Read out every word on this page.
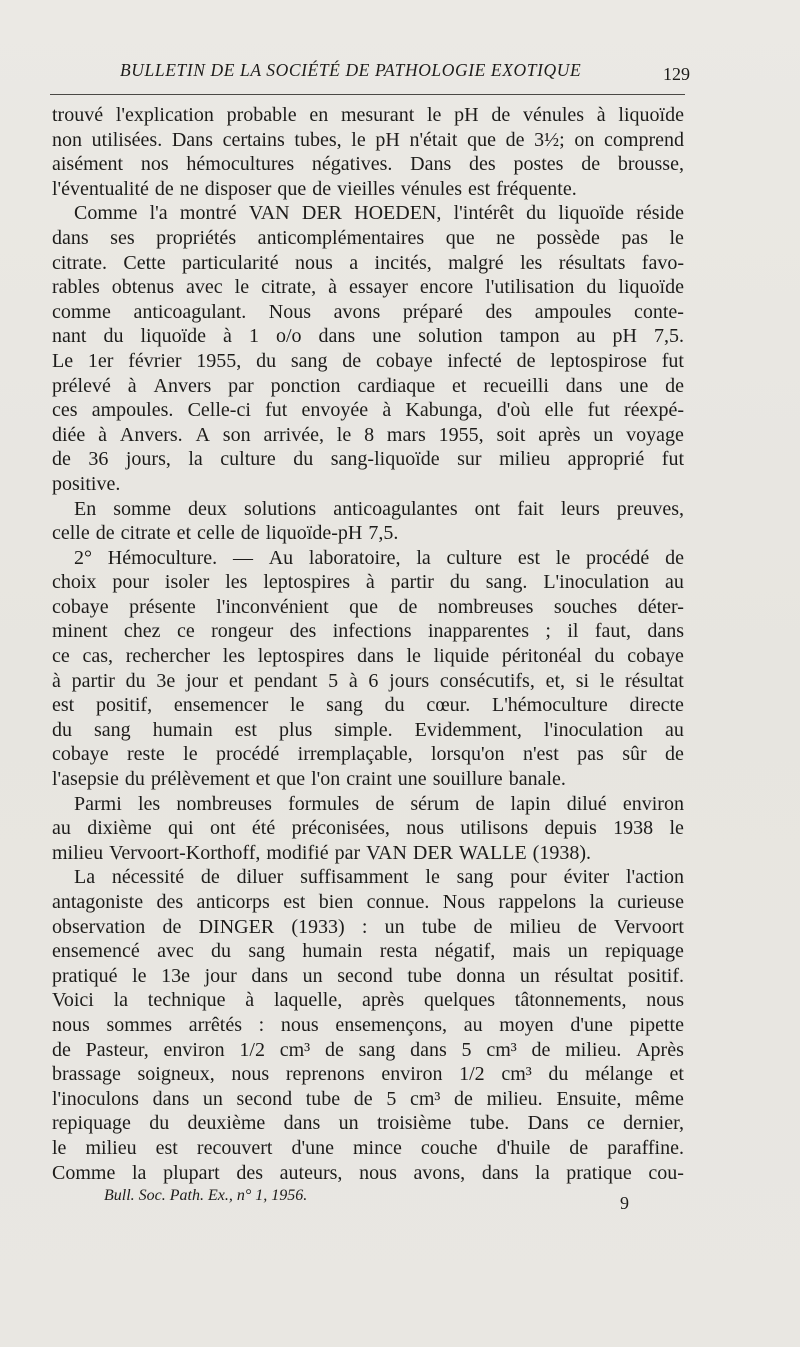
BULLETIN DE LA SOCIÉTÉ DE PATHOLOGIE EXOTIQUE	129
trouvé l'explication probable en mesurant le pH de vénules à liquoïde
non utilisées. Dans certains tubes, le pH n'était que de 3½; on comprend
aisément nos hémocultures négatives. Dans des postes de brousse,
l'éventualité de ne disposer que de vieilles vénules est fréquente.
Comme l'a montré VAN DER HOEDEN, l'intérêt du liquoïde réside
dans ses propriétés anticomplémentaires que ne possède pas le
citrate. Cette particularité nous a incités, malgré les résultats favo-
rables obtenus avec le citrate, à essayer encore l'utilisation du liquoïde
comme anticoagulant. Nous avons préparé des ampoules conte-
nant du liquoïde à 1 o/o dans une solution tampon au pH 7,5.
Le 1er février 1955, du sang de cobaye infecté de leptospirose fut
prélevé à Anvers par ponction cardiaque et recueilli dans une de
ces ampoules. Celle-ci fut envoyée à Kabunga, d'où elle fut réexpé-
diée à Anvers. A son arrivée, le 8 mars 1955, soit après un voyage
de 36 jours, la culture du sang-liquoïde sur milieu approprié fut
positive.
En somme deux solutions anticoagulantes ont fait leurs preuves,
celle de citrate et celle de liquoïde-pH 7,5.
2° Hémoculture. — Au laboratoire, la culture est le procédé de
choix pour isoler les leptospires à partir du sang. L'inoculation au
cobaye présente l'inconvénient que de nombreuses souches déter-
minent chez ce rongeur des infections inapparentes ; il faut, dans
ce cas, rechercher les leptospires dans le liquide péritonéal du cobaye
à partir du 3e jour et pendant 5 à 6 jours consécutifs, et, si le résultat
est positif, ensemencer le sang du cœur. L'hémoculture directe
du sang humain est plus simple. Evidemment, l'inoculation au
cobaye reste le procédé irremplaçable, lorsqu'on n'est pas sûr de
l'asepsie du prélèvement et que l'on craint une souillure banale.
Parmi les nombreuses formules de sérum de lapin dilué environ
au dixième qui ont été préconisées, nous utilisons depuis 1938 le
milieu Vervoort-Korthoff, modifié par VAN DER WALLE (1938).
La nécessité de diluer suffisamment le sang pour éviter l'action
antagoniste des anticorps est bien connue. Nous rappelons la curieuse
observation de DINGER (1933) : un tube de milieu de Vervoort
ensemencé avec du sang humain resta négatif, mais un repiquage
pratiqué le 13e jour dans un second tube donna un résultat positif.
Voici la technique à laquelle, après quelques tâtonnements, nous
nous sommes arrêtés : nous ensemençons, au moyen d'une pipette
de Pasteur, environ 1/2 cm³ de sang dans 5 cm³ de milieu. Après
brassage soigneux, nous reprenons environ 1/2 cm³ du mélange et
l'inoculons dans un second tube de 5 cm³ de milieu. Ensuite, même
repiquage du deuxième dans un troisième tube. Dans ce dernier,
le milieu est recouvert d'une mince couche d'huile de paraffine.
Comme la plupart des auteurs, nous avons, dans la pratique cou-
Bull. Soc. Path. Ex., n° 1, 1956.	9
